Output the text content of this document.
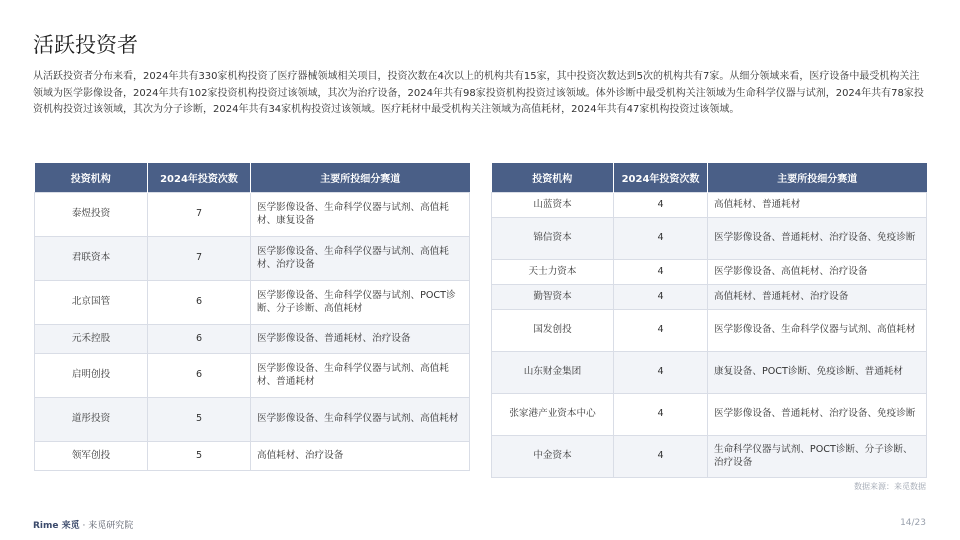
活跃投资者

从活跃投资者分布来看，2024年共有330家机构投资了医疗器械领域相关项目，投资次数在4次以上的机构共有15家，其中投资次数达到5次的机构共有7家。从细分领域来看，医疗设备中最受机构关注领域为医学影像设备，2024年共有102家投资机构投资过该领域，其次为治疗设备，2024年共有98家投资机构投资过该领域。体外诊断中最受机构关注领域为生命科学仪器与试剂，2024年共有78家投资机构投资过该领域，其次为分子诊断，2024年共有34家机构投资过该领域。医疗耗材中最受机构关注领域为高值耗材，2024年共有47家机构投资过该领域。

投资机构	2024年投资次数	主要所投细分赛道
泰煜投资	7	医学影像设备、生命科学仪器与试剂、高值耗材、康复设备
君联资本	7	医学影像设备、生命科学仪器与试剂、高值耗材、治疗设备
北京国管	6	医学影像设备、生命科学仪器与试剂、POCT诊断、分子诊断、高值耗材
元禾控股	6	医学影像设备、普通耗材、治疗设备
启明创投	6	医学影像设备、生命科学仪器与试剂、高值耗材、普通耗材
道彤投资	5	医学影像设备、生命科学仪器与试剂、高值耗材
领军创投	5	高值耗材、治疗设备
投资机构	2024年投资次数	主要所投细分赛道
山蓝资本	4	高值耗材、普通耗材
锦信资本	4	医学影像设备、普通耗材、治疗设备、免疫诊断
天士力资本	4	医学影像设备、高值耗材、治疗设备
勤智资本	4	高值耗材、普通耗材、治疗设备
国发创投	4	医学影像设备、生命科学仪器与试剂、高值耗材
山东财金集团	4	康复设备、POCT诊断、免疫诊断、普通耗材
张家港产业资本中心	4	医学影像设备、普通耗材、治疗设备、免疫诊断
中金资本	4	生命科学仪器与试剂、POCT诊断、分子诊断、治疗设备
数据来源：来觅数据
Rime 来觅 · 来觅研究院	14/23
